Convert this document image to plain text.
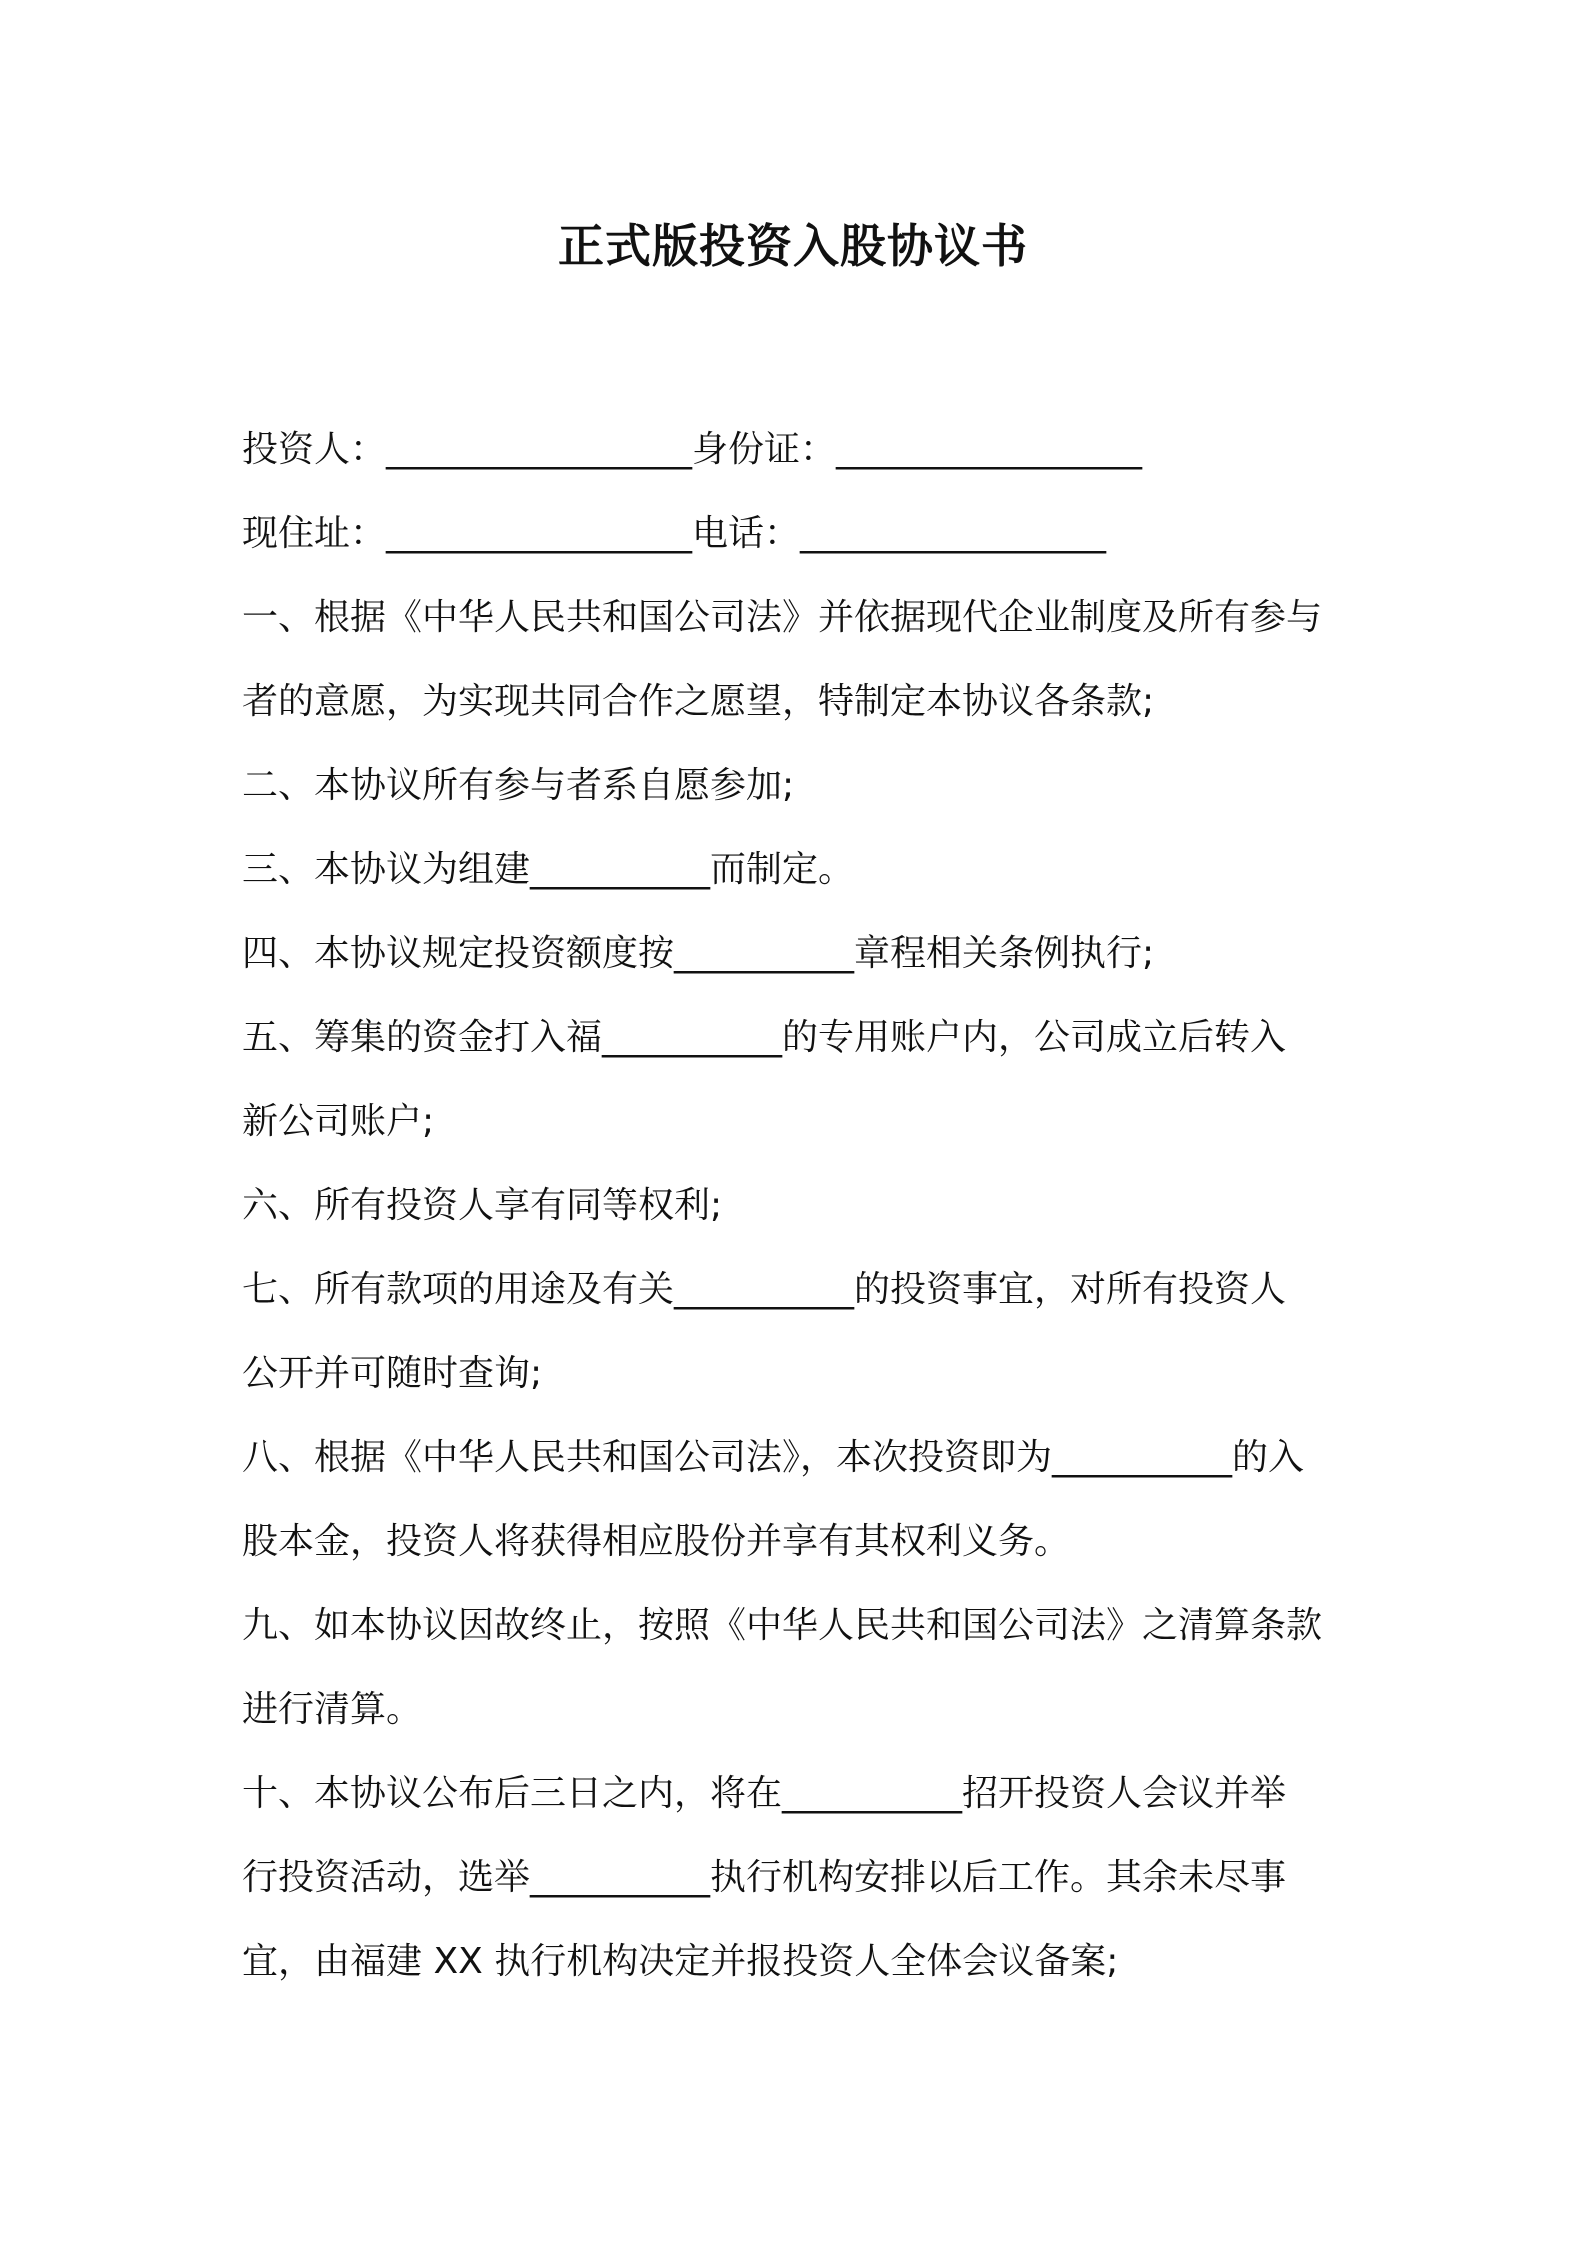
正式版投资入股协议书
投资人：_________________身份证：_________________
现住址：_________________电话：_________________
一、根据《中华人民共和国公司法》并依据现代企业制度及所有参与
者的意愿，为实现共同合作之愿望，特制定本协议各条款;
二、本协议所有参与者系自愿参加;
三、本协议为组建__________而制定。
四、本协议规定投资额度按__________章程相关条例执行;
五、筹集的资金打入福__________的专用账户内，公司成立后转入
新公司账户;
六、所有投资人享有同等权利;
七、所有款项的用途及有关__________的投资事宜，对所有投资人
公开并可随时查询;
八、根据《中华人民共和国公司法》，本次投资即为__________的入
股本金，投资人将获得相应股份并享有其权利义务。
九、如本协议因故终止，按照《中华人民共和国公司法》之清算条款
进行清算。
十、本协议公布后三日之内，将在__________招开投资人会议并举
行投资活动，选举__________执行机构安排以后工作。其余未尽事
宜，由福建 XX 执行机构决定并报投资人全体会议备案;
